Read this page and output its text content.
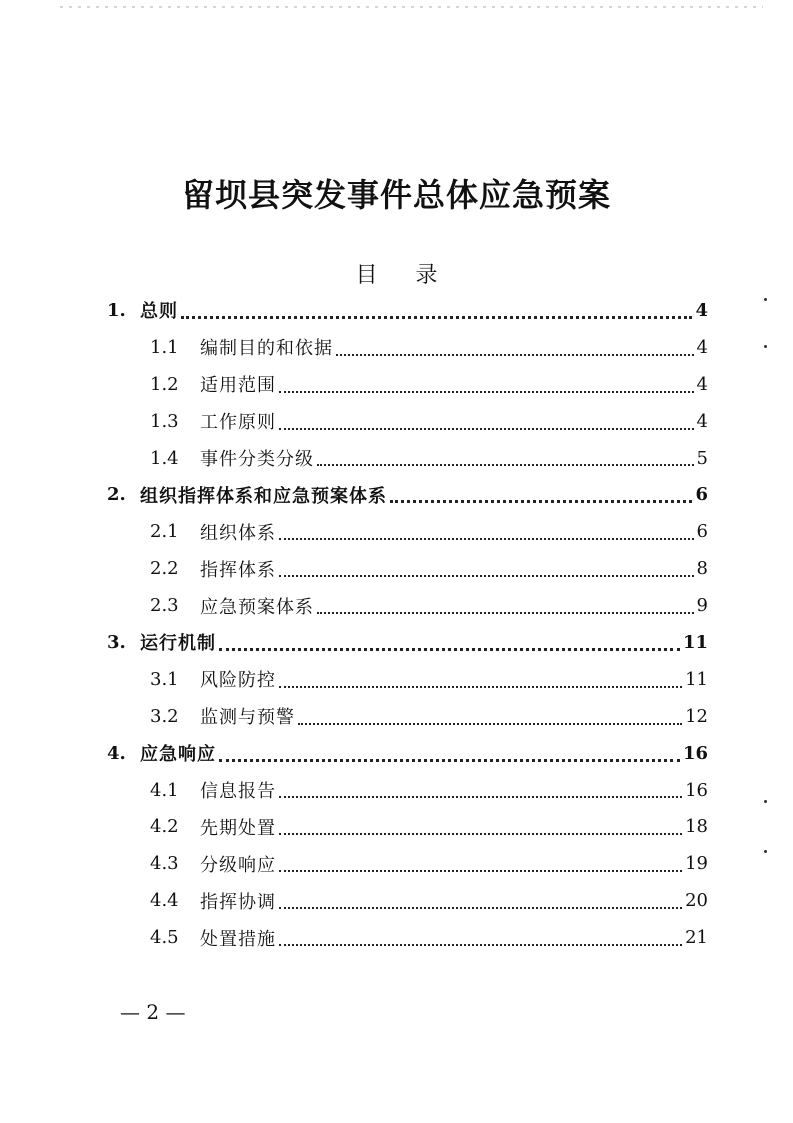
留坝县突发事件总体应急预案
目 录
1. 总则	4
1.1	编制目的和依据	4
1.2	适用范围	4
1.3	工作原则	4
1.4	事件分类分级	5
2. 组织指挥体系和应急预案体系	6
2.1	组织体系	6
2.2	指挥体系	8
2.3	应急预案体系	9
3. 运行机制	11
3.1	风险防控	11
3.2	监测与预警	12
4. 应急响应	16
4.1	信息报告	16
4.2	先期处置	18
4.3	分级响应	19
4.4	指挥协调	20
4.5	处置措施	21
— 2 —
